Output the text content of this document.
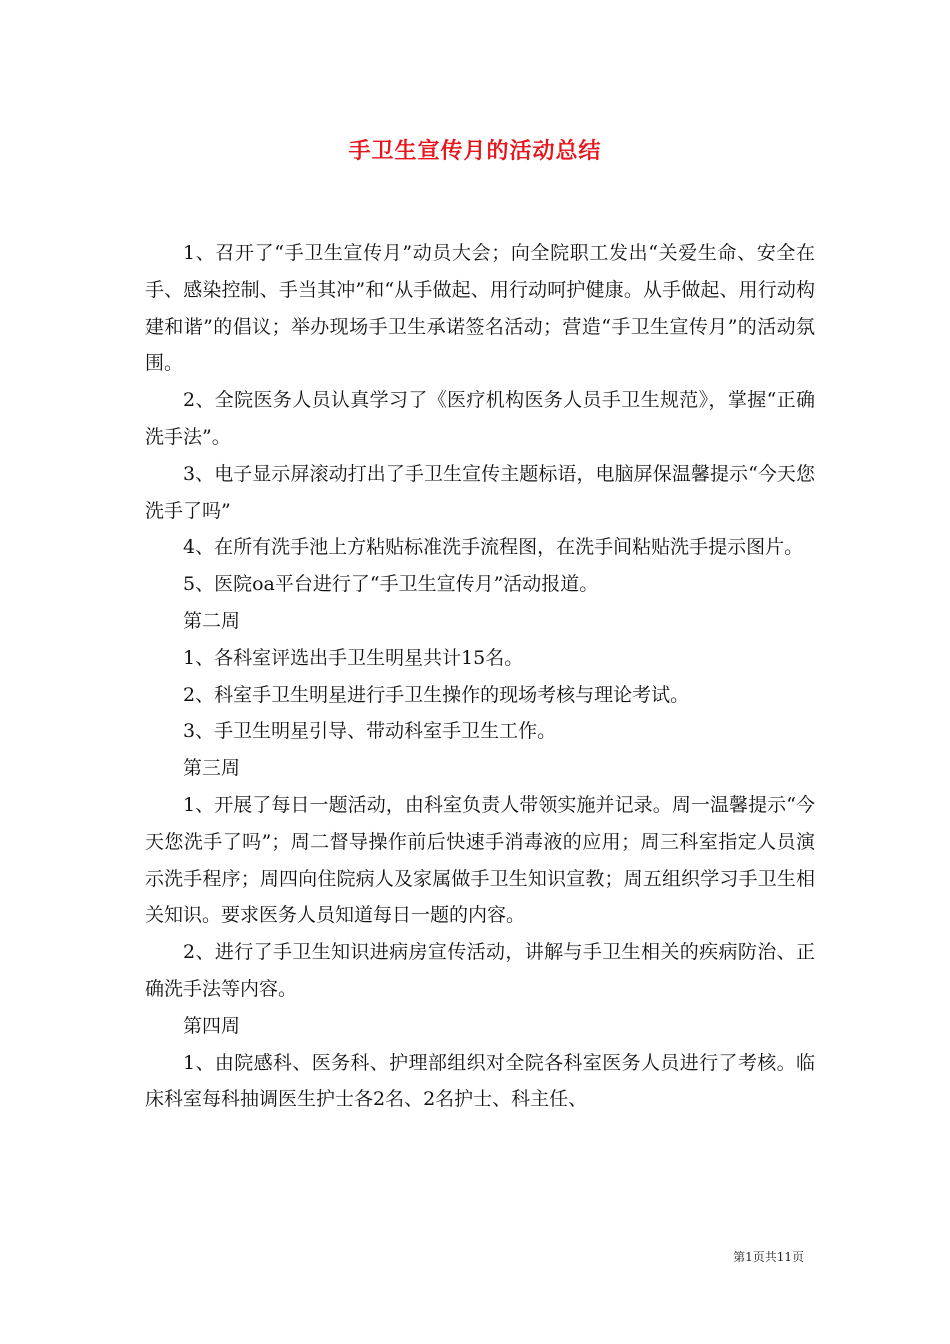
手卫生宣传月的活动总结

1、召开了“手卫生宣传月”动员大会；向全院职工发出“关爱生命、安全在手、感染控制、手当其冲”和“从手做起、用行动呵护健康。从手做起、用行动构建和谐”的倡议；举办现场手卫生承诺签名活动；营造“手卫生宣传月”的活动氛围。

2、全院医务人员认真学习了《医疗机构医务人员手卫生规范》，掌握“正确洗手法”。

3、电子显示屏滚动打出了手卫生宣传主题标语，电脑屏保温馨提示“今天您洗手了吗”

4、在所有洗手池上方粘贴标准洗手流程图，在洗手间粘贴洗手提示图片。

5、医院oa平台进行了“手卫生宣传月”活动报道。

第二周

1、各科室评选出手卫生明星共计15名。

2、科室手卫生明星进行手卫生操作的现场考核与理论考试。

3、手卫生明星引导、带动科室手卫生工作。

第三周

1、开展了每日一题活动，由科室负责人带领实施并记录。周一温馨提示“今天您洗手了吗”；周二督导操作前后快速手消毒液的应用；周三科室指定人员演示洗手程序；周四向住院病人及家属做手卫生知识宣教；周五组织学习手卫生相关知识。要求医务人员知道每日一题的内容。

2、进行了手卫生知识进病房宣传活动，讲解与手卫生相关的疾病防治、正确洗手法等内容。

第四周

1、由院感科、医务科、护理部组织对全院各科室医务人员进行了考核。临床科室每科抽调医生护士各2名、2名护士、科主任、

第1页共11页
